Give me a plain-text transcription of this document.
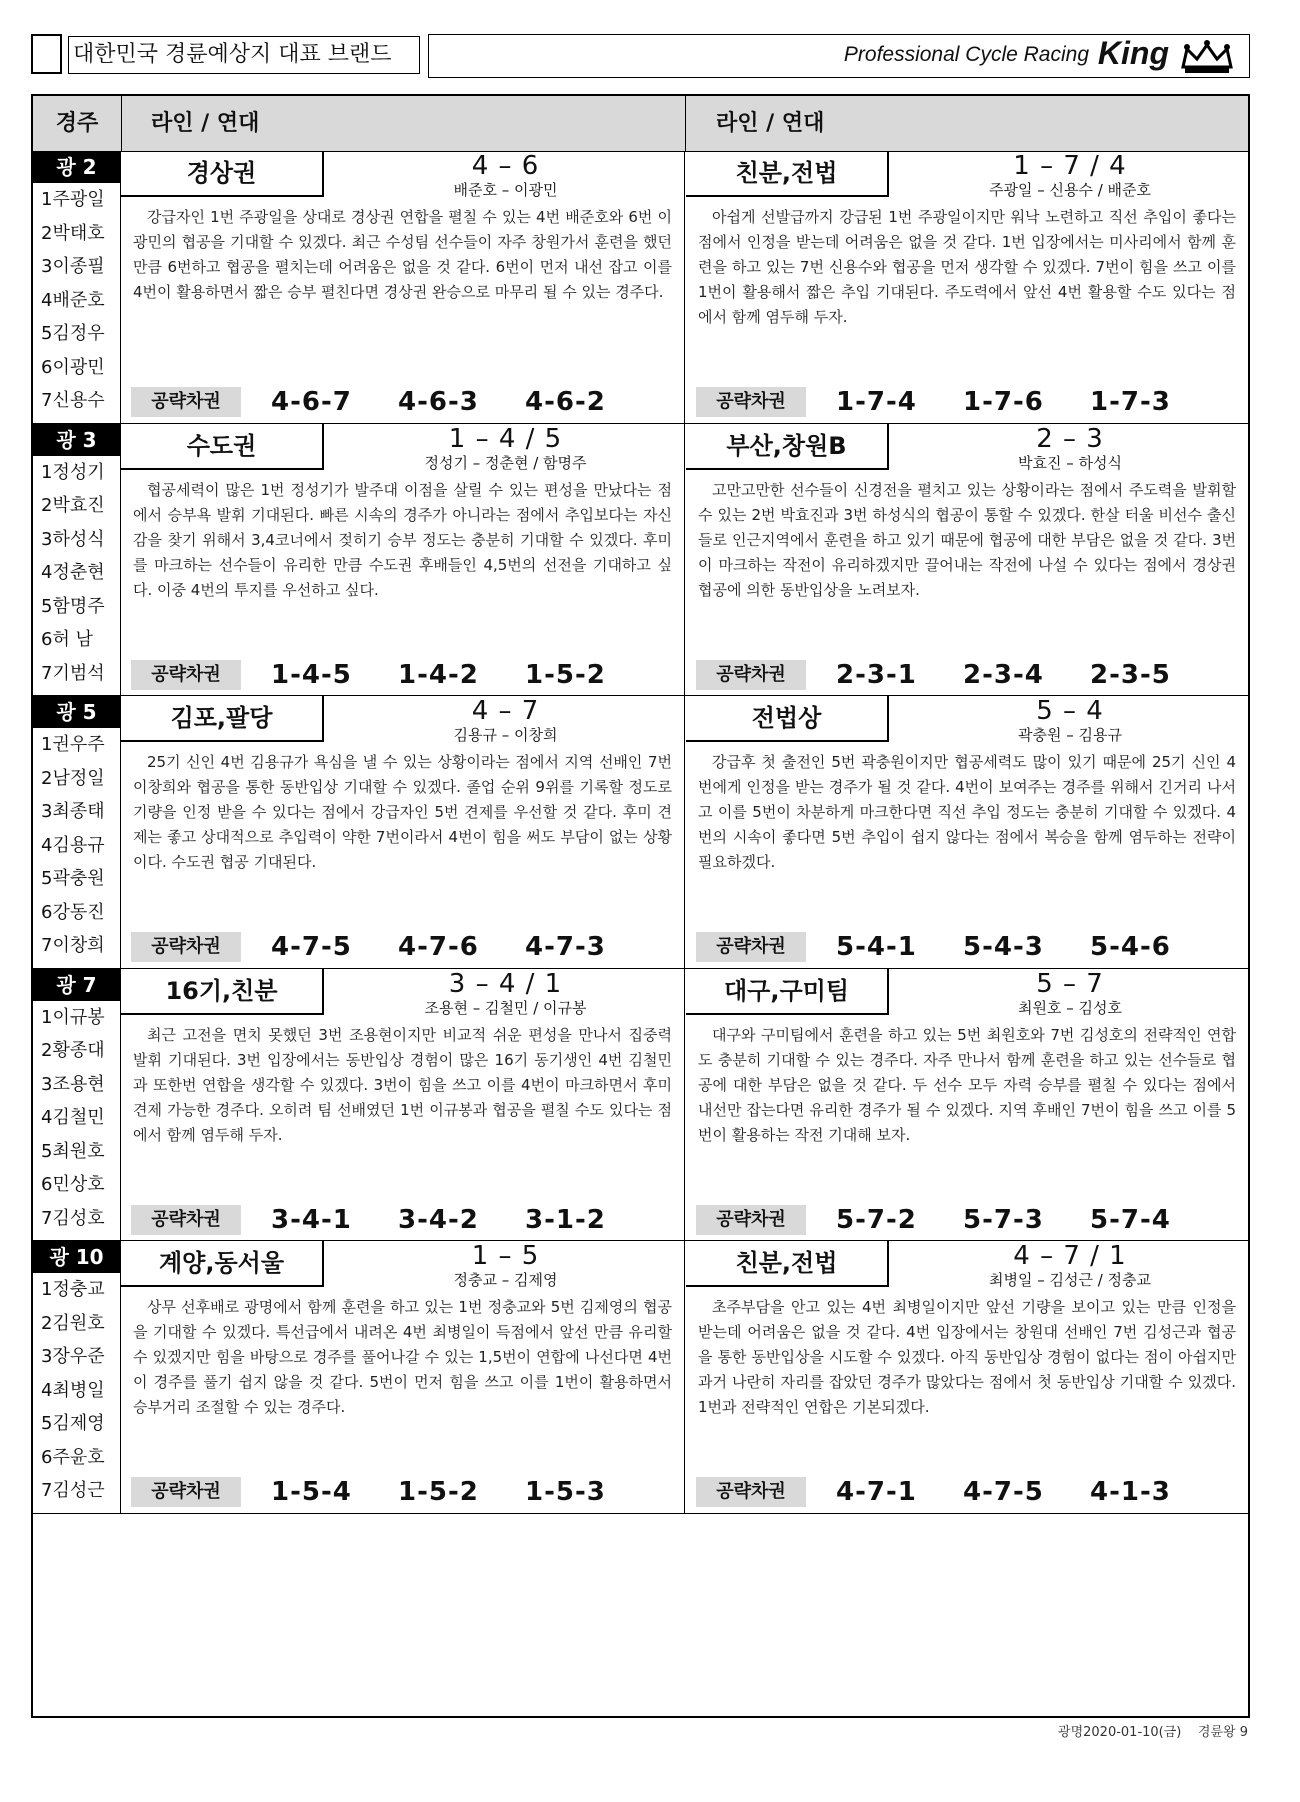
대한민국 경륜예상지 대표 브랜드	Professional Cycle Racing King
경주	라인 / 연대	라인 / 연대
광 2
1주광일
2박태호
3이종필
4배준호
5김정우
6이광민
7신용수
경상권	4 – 6
배준호 – 이광민
강급자인 1번 주광일을 상대로 경상권 연합을 펼칠 수 있는 4번 배준호와 6번 이광민의 협공을 기대할 수 있겠다. 최근 수성팀 선수들이 자주 창원가서 훈련을 했던 만큼 6번하고 협공을 펼치는데 어려움은 없을 것 같다. 6번이 먼저 내선 잡고 이를 4번이 활용하면서 짧은 승부 펼친다면 경상권 완승으로 마무리 될 수 있는 경주다.
공략차권	4-6-7 4-6-3 4-6-2
친분,전법	1 – 7 / 4
주광일 – 신용수 / 배준호
아쉽게 선발급까지 강급된 1번 주광일이지만 워낙 노련하고 직선 추입이 좋다는 점에서 인정을 받는데 어려움은 없을 것 같다. 1번 입장에서는 미사리에서 함께 훈련을 하고 있는 7번 신용수와 협공을 먼저 생각할 수 있겠다. 7번이 힘을 쓰고 이를 1번이 활용해서 짧은 추입 기대된다. 주도력에서 앞선 4번 활용할 수도 있다는 점에서 함께 염두해 두자.
공략차권	1-7-4 1-7-6 1-7-3
광 3
1정성기
2박효진
3하성식
4정춘현
5함명주
6허 남
7기범석
수도권	1 – 4 / 5
정성기 – 정춘현 / 함명주
협공세력이 많은 1번 정성기가 발주대 이점을 살릴 수 있는 편성을 만났다는 점에서 승부욕 발휘 기대된다. 빠른 시속의 경주가 아니라는 점에서 추입보다는 자신감을 찾기 위해서 3,4코너에서 젖히기 승부 정도는 충분히 기대할 수 있겠다. 후미를 마크하는 선수들이 유리한 만큼 수도권 후배들인 4,5번의 선전을 기대하고 싶다. 이중 4번의 투지를 우선하고 싶다.
공략차권	1-4-5 1-4-2 1-5-2
부산,창원B	2 – 3
박효진 – 하성식
고만고만한 선수들이 신경전을 펼치고 있는 상황이라는 점에서 주도력을 발휘할 수 있는 2번 박효진과 3번 하성식의 협공이 통할 수 있겠다. 한살 터울 비선수 출신들로 인근지역에서 훈련을 하고 있기 때문에 협공에 대한 부담은 없을 것 같다. 3번이 마크하는 작전이 유리하겠지만 끌어내는 작전에 나설 수 있다는 점에서 경상권 협공에 의한 동반입상을 노려보자.
공략차권	2-3-1 2-3-4 2-3-5
광 5
1권우주
2남정일
3최종태
4김용규
5곽충원
6강동진
7이창희
김포,팔당	4 – 7
김용규 – 이창희
25기 신인 4번 김용규가 욕심을 낼 수 있는 상황이라는 점에서 지역 선배인 7번 이창희와 협공을 통한 동반입상 기대할 수 있겠다. 졸업 순위 9위를 기록할 정도로 기량을 인정 받을 수 있다는 점에서 강급자인 5번 견제를 우선할 것 같다. 후미 견제는 좋고 상대적으로 추입력이 약한 7번이라서 4번이 힘을 써도 부담이 없는 상황이다. 수도권 협공 기대된다.
공략차권	4-7-5 4-7-6 4-7-3
전법상	5 – 4
곽충원 – 김용규
강급후 첫 출전인 5번 곽충원이지만 협공세력도 많이 있기 때문에 25기 신인 4번에게 인정을 받는 경주가 될 것 같다. 4번이 보여주는 경주를 위해서 긴거리 나서고 이를 5번이 차분하게 마크한다면 직선 추입 정도는 충분히 기대할 수 있겠다. 4번의 시속이 좋다면 5번 추입이 쉽지 않다는 점에서 복승을 함께 염두하는 전략이 필요하겠다.
공략차권	5-4-1 5-4-3 5-4-6
광 7
1이규봉
2황종대
3조용현
4김철민
5최원호
6민상호
7김성호
16기,친분	3 – 4 / 1
조용현 – 김철민 / 이규봉
최근 고전을 면치 못했던 3번 조용현이지만 비교적 쉬운 편성을 만나서 집중력 발휘 기대된다. 3번 입장에서는 동반입상 경험이 많은 16기 동기생인 4번 김철민과 또한번 연합을 생각할 수 있겠다. 3번이 힘을 쓰고 이를 4번이 마크하면서 후미 견제 가능한 경주다. 오히려 팀 선배였던 1번 이규봉과 협공을 펼칠 수도 있다는 점에서 함께 염두해 두자.
공략차권	3-4-1 3-4-2 3-1-2
대구,구미팀	5 – 7
최원호 – 김성호
대구와 구미팀에서 훈련을 하고 있는 5번 최원호와 7번 김성호의 전략적인 연합도 충분히 기대할 수 있는 경주다. 자주 만나서 함께 훈련을 하고 있는 선수들로 협공에 대한 부담은 없을 것 같다. 두 선수 모두 자력 승부를 펼칠 수 있다는 점에서 내선만 잡는다면 유리한 경주가 될 수 있겠다. 지역 후배인 7번이 힘을 쓰고 이를 5번이 활용하는 작전 기대해 보자.
공략차권	5-7-2 5-7-3 5-7-4
광 10
1정충교
2김원호
3장우준
4최병일
5김제영
6주윤호
7김성근
계양,동서울	1 – 5
정충교 – 김제영
상무 선후배로 광명에서 함께 훈련을 하고 있는 1번 정충교와 5번 김제영의 협공을 기대할 수 있겠다. 특선급에서 내려온 4번 최병일이 득점에서 앞선 만큼 유리할 수 있겠지만 힘을 바탕으로 경주를 풀어나갈 수 있는 1,5번이 연합에 나선다면 4번이 경주를 풀기 쉽지 않을 것 같다. 5번이 먼저 힘을 쓰고 이를 1번이 활용하면서 승부거리 조절할 수 있는 경주다.
공략차권	1-5-4 1-5-2 1-5-3
친분,전법	4 – 7 / 1
최병일 – 김성근 / 정충교
초주부담을 안고 있는 4번 최병일이지만 앞선 기량을 보이고 있는 만큼 인정을 받는데 어려움은 없을 것 같다. 4번 입장에서는 창원대 선배인 7번 김성근과 협공을 통한 동반입상을 시도할 수 있겠다. 아직 동반입상 경험이 없다는 점이 아쉽지만 과거 나란히 자리를 잡았던 경주가 많았다는 점에서 첫 동반입상 기대할 수 있겠다. 1번과 전략적인 연합은 기본되겠다.
공략차권	4-7-1 4-7-5 4-1-3
광명2020-01-10(금)    경륜왕 9
